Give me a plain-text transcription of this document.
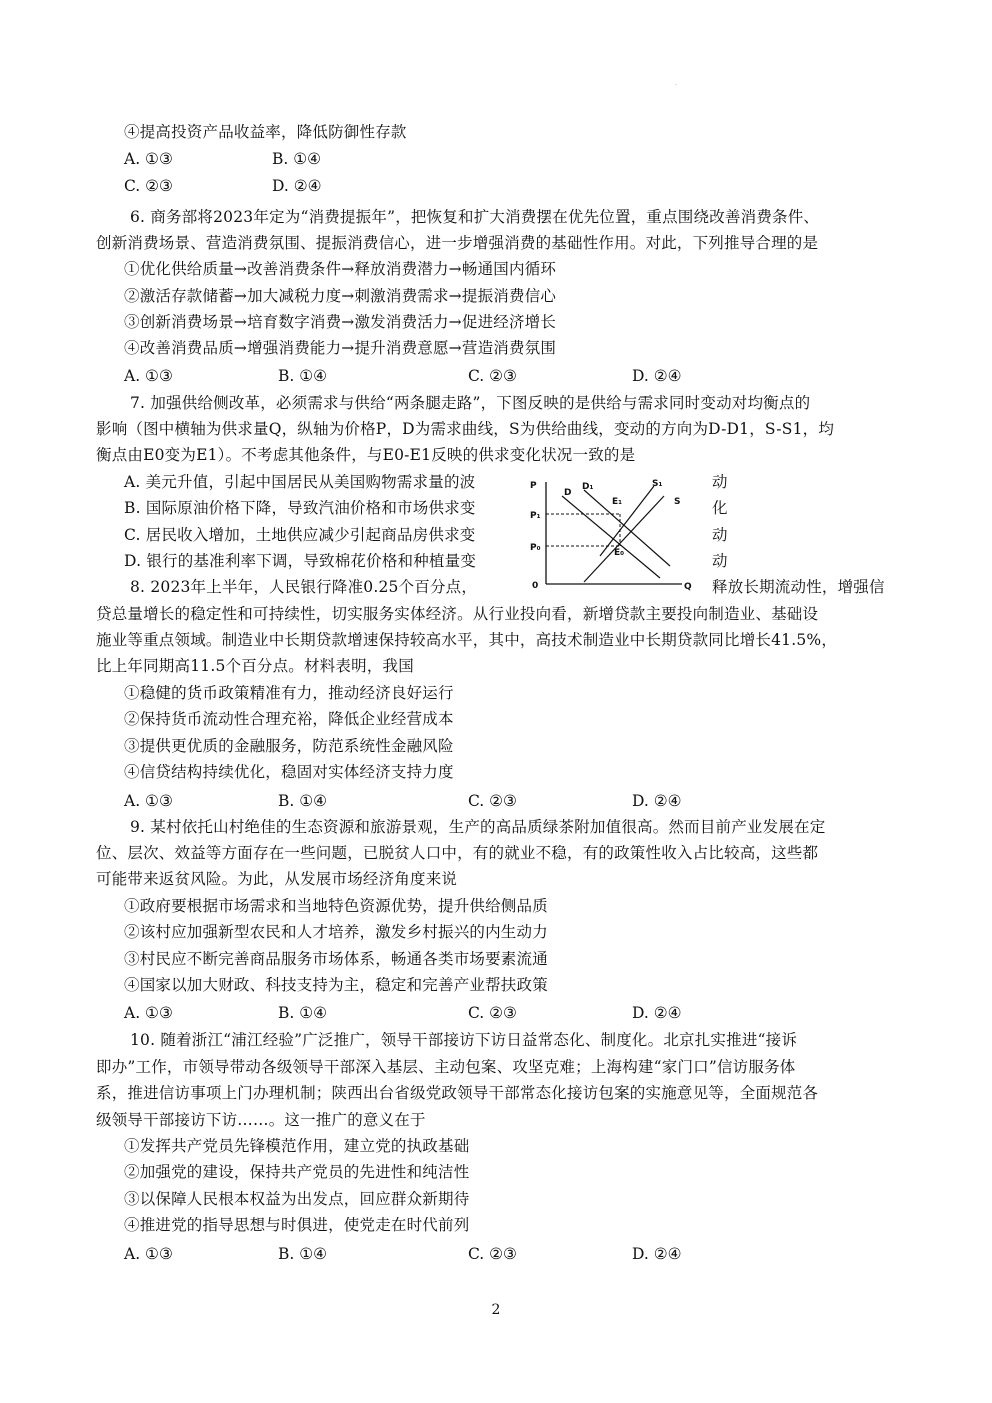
·
④提高投资产品收益率，降低防御性存款
A. ①③	B. ①④
C. ②③	D. ②④
6. 商务部将2023年定为“消费提振年”，把恢复和扩大消费摆在优先位置，重点围绕改善消费条件、
创新消费场景、营造消费氛围、提振消费信心，进一步增强消费的基础性作用。对此，下列推导合理的是
①优化供给质量→改善消费条件→释放消费潜力→畅通国内循环
②激活存款储蓄→加大减税力度→刺激消费需求→提振消费信心
③创新消费场景→培育数字消费→激发消费活力→促进经济增长
④改善消费品质→增强消费能力→提升消费意愿→营造消费氛围
A. ①③	B. ①④	C. ②③	D. ②④
7. 加强供给侧改革，必须需求与供给“两条腿走路”，下图反映的是供给与需求同时变动对均衡点的
影响（图中横轴为供求量Q，纵轴为价格P，D为需求曲线，S为供给曲线，变动的方向为D-D1，S-S1，均
衡点由E0变为E1）。不考虑其他条件，与E0-E1反映的供求变化状况一致的是
A. 美元升值，引起中国居民从美国购物需求量的波	动
B. 国际原油价格下降，导致汽油价格和市场供求变	化
C. 居民收入增加，土地供应减少引起商品房供求变	动
D. 银行的基准利率下调，导致棉花价格和种植量变	动
P
Q
0
P₁
P₀
D
D₁
S
S₁
E₁
E₀
8. 2023年上半年，人民银行降准0.25个百分点，	释放长期流动性，增强信
贷总量增长的稳定性和可持续性，切实服务实体经济。从行业投向看，新增贷款主要投向制造业、基础设
施业等重点领域。制造业中长期贷款增速保持较高水平，其中，高技术制造业中长期贷款同比增长41.5%，
比上年同期高11.5个百分点。材料表明，我国
①稳健的货币政策精准有力，推动经济良好运行
②保持货币流动性合理充裕，降低企业经营成本
③提供更优质的金融服务，防范系统性金融风险
④信贷结构持续优化，稳固对实体经济支持力度
A. ①③	B. ①④	C. ②③	D. ②④
9. 某村依托山村绝佳的生态资源和旅游景观，生产的高品质绿茶附加值很高。然而目前产业发展在定
位、层次、效益等方面存在一些问题，已脱贫人口中，有的就业不稳，有的政策性收入占比较高，这些都
可能带来返贫风险。为此，从发展市场经济角度来说
①政府要根据市场需求和当地特色资源优势，提升供给侧品质
②该村应加强新型农民和人才培养，激发乡村振兴的内生动力
③村民应不断完善商品服务市场体系，畅通各类市场要素流通
④国家以加大财政、科技支持为主，稳定和完善产业帮扶政策
A. ①③	B. ①④	C. ②③	D. ②④
10. 随着浙江“浦江经验”广泛推广，领导干部接访下访日益常态化、制度化。北京扎实推进“接诉
即办”工作，市领导带动各级领导干部深入基层、主动包案、攻坚克难；上海构建“家门口”信访服务体
系，推进信访事项上门办理机制；陕西出台省级党政领导干部常态化接访包案的实施意见等，全面规范各
级领导干部接访下访……。这一推广的意义在于
①发挥共产党员先锋模范作用，建立党的执政基础
②加强党的建设，保持共产党员的先进性和纯洁性
③以保障人民根本权益为出发点，回应群众新期待
④推进党的指导思想与时俱进，使党走在时代前列
A. ①③	B. ①④	C. ②③	D. ②④
2
